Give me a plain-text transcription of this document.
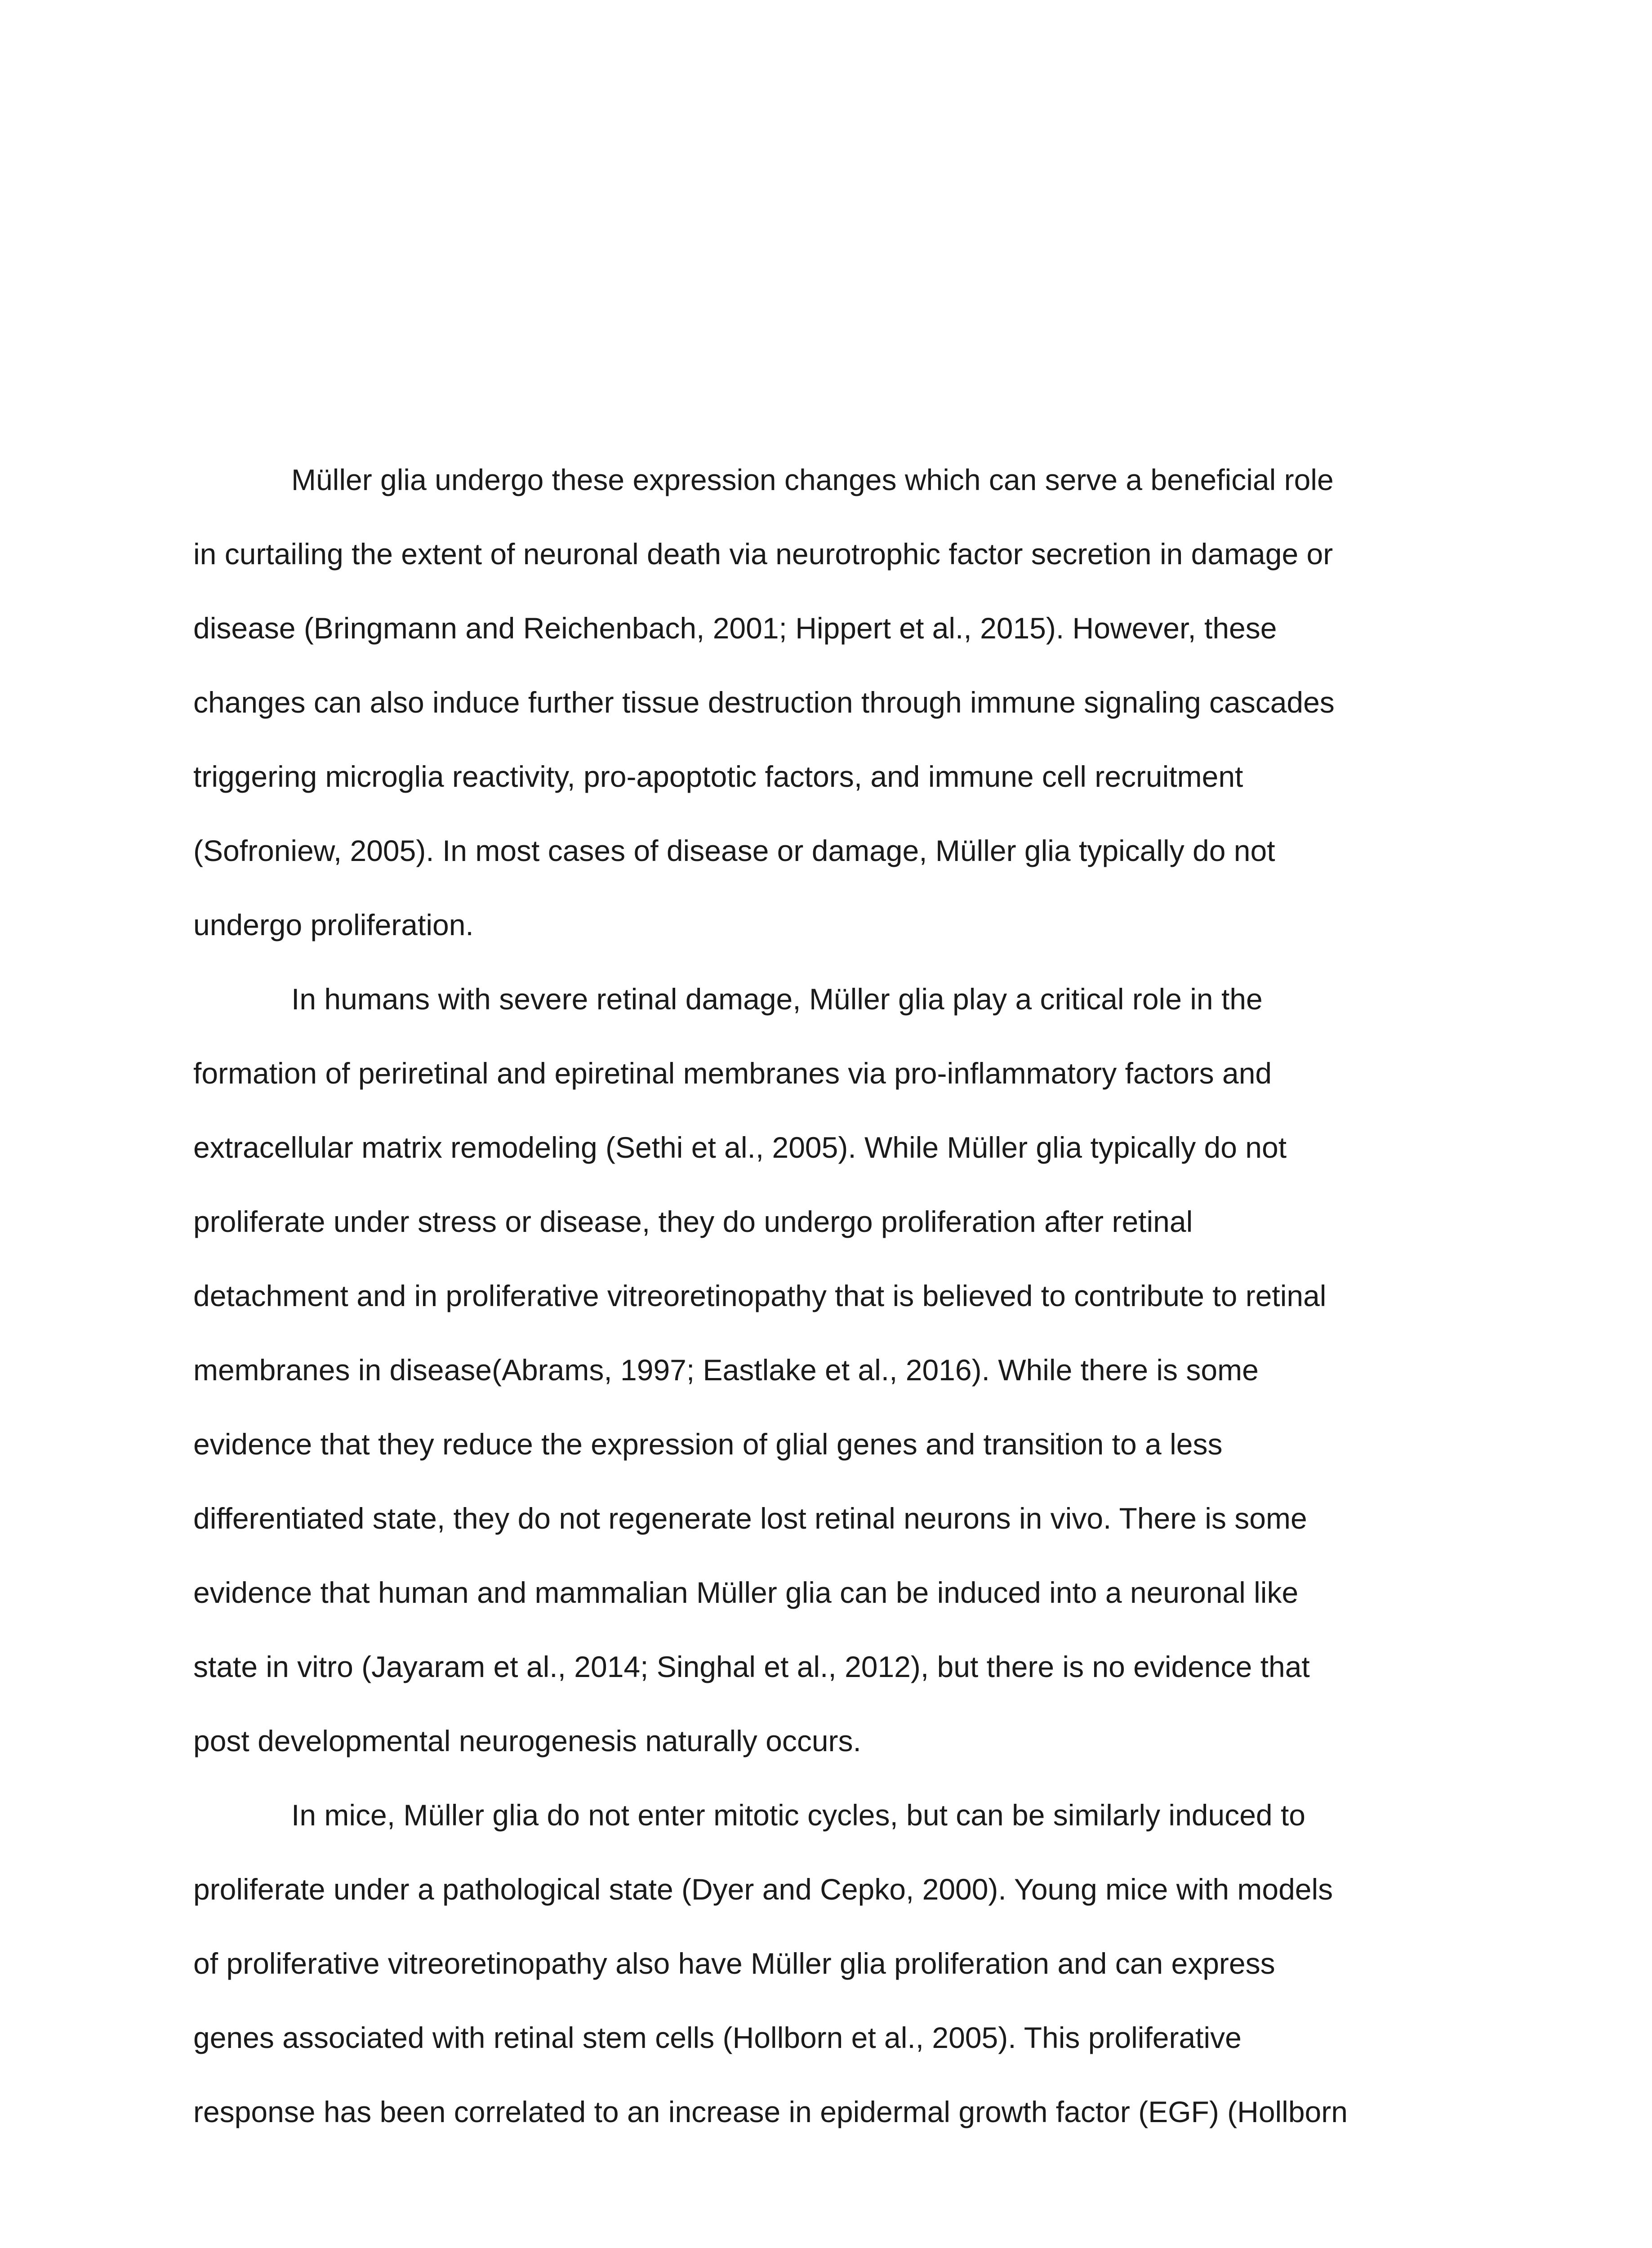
Müller glia undergo these expression changes which can serve a beneficial role
in curtailing the extent of neuronal death via neurotrophic factor secretion in damage or
disease (Bringmann and Reichenbach, 2001; Hippert et al., 2015). However, these
changes can also induce further tissue destruction through immune signaling cascades
triggering microglia reactivity, pro-apoptotic factors, and immune cell recruitment
(Sofroniew, 2005). In most cases of disease or damage, Müller glia typically do not
undergo proliferation.
In humans with severe retinal damage, Müller glia play a critical role in the
formation of periretinal and epiretinal membranes via pro-inflammatory factors and
extracellular matrix remodeling (Sethi et al., 2005). While Müller glia typically do not
proliferate under stress or disease, they do undergo proliferation after retinal
detachment and in proliferative vitreoretinopathy that is believed to contribute to retinal
membranes in disease(Abrams, 1997; Eastlake et al., 2016). While there is some
evidence that they reduce the expression of glial genes and transition to a less
differentiated state, they do not regenerate lost retinal neurons in vivo. There is some
evidence that human and mammalian Müller glia can be induced into a neuronal like
state in vitro (Jayaram et al., 2014; Singhal et al., 2012), but there is no evidence that
post developmental neurogenesis naturally occurs.
In mice, Müller glia do not enter mitotic cycles, but can be similarly induced to
proliferate under a pathological state (Dyer and Cepko, 2000). Young mice with models
of proliferative vitreoretinopathy also have Müller glia proliferation and can express
genes associated with retinal stem cells (Hollborn et al., 2005). This proliferative
response has been correlated to an increase in epidermal growth factor (EGF) (Hollborn
